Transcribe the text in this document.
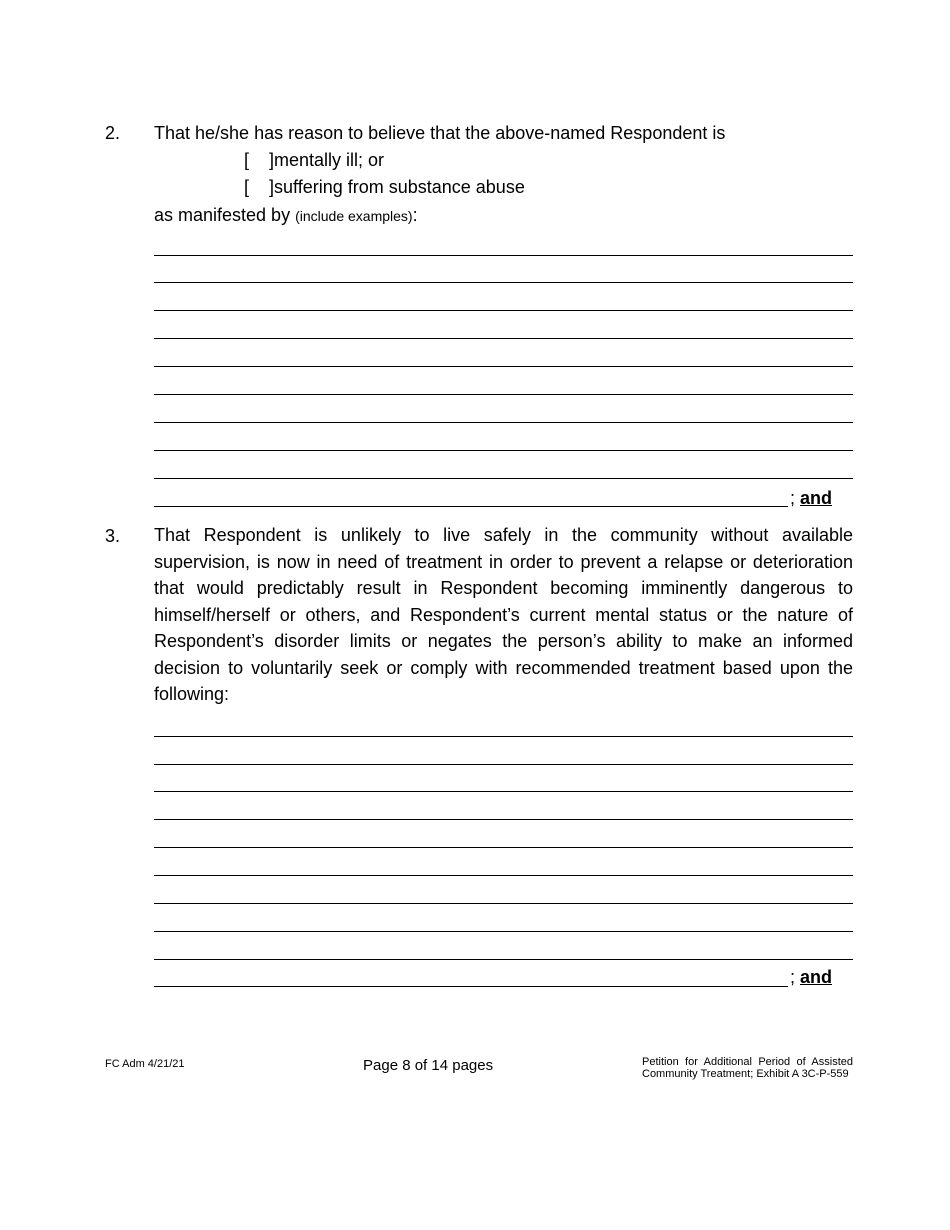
2. That he/she has reason to believe that the above-named Respondent is
[    ]mentally ill; or
[    ]suffering from substance abuse
as manifested by (include examples):
; and
3. That Respondent is unlikely to live safely in the community without available supervision, is now in need of treatment in order to prevent a relapse or deterioration that would predictably result in Respondent becoming imminently dangerous to himself/herself or others, and Respondent’s current mental status or the nature of Respondent’s disorder limits or negates the person’s ability to make an informed decision to voluntarily seek or comply with recommended treatment based upon the following:
; and
FC Adm 4/21/21	Page 8 of 14 pages	Petition for Additional Period of Assisted
Community Treatment; Exhibit A 3C-P-559
